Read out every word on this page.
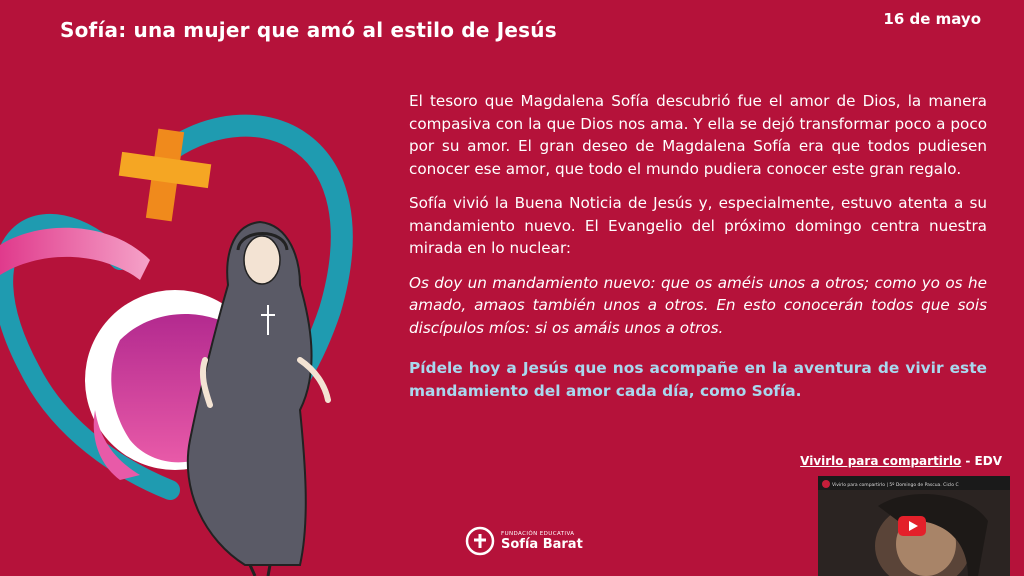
Sofía: una mujer que amó al estilo de Jesús	16 de mayo

El tesoro que Magdalena Sofía descubrió fue el amor de Dios, la manera compasiva con la que Dios nos ama. Y ella se dejó transformar poco a poco por su amor. El gran deseo de Magdalena Sofía era que todos pudiesen conocer ese amor, que todo el mundo pudiera conocer este gran regalo.

Sofía vivió la Buena Noticia de Jesús y, especialmente, estuvo atenta a su mandamiento nuevo. El Evangelio del próximo domingo centra nuestra mirada en lo nuclear:

Os doy un mandamiento nuevo: que os améis unos a otros; como yo os he amado, amaos también unos a otros. En esto conocerán todos que sois discípulos míos: si os amáis unos a otros.

Pídele hoy a Jesús que nos acompañe en la aventura de vivir este mandamiento del amor cada día, como Sofía.

Vivirlo para compartirlo - EDV
Vivirlo para compartirlo | 5º Domingo de Pascua. Ciclo C
FUNDACIÓN EDUCATIVA
Sofía Barat
